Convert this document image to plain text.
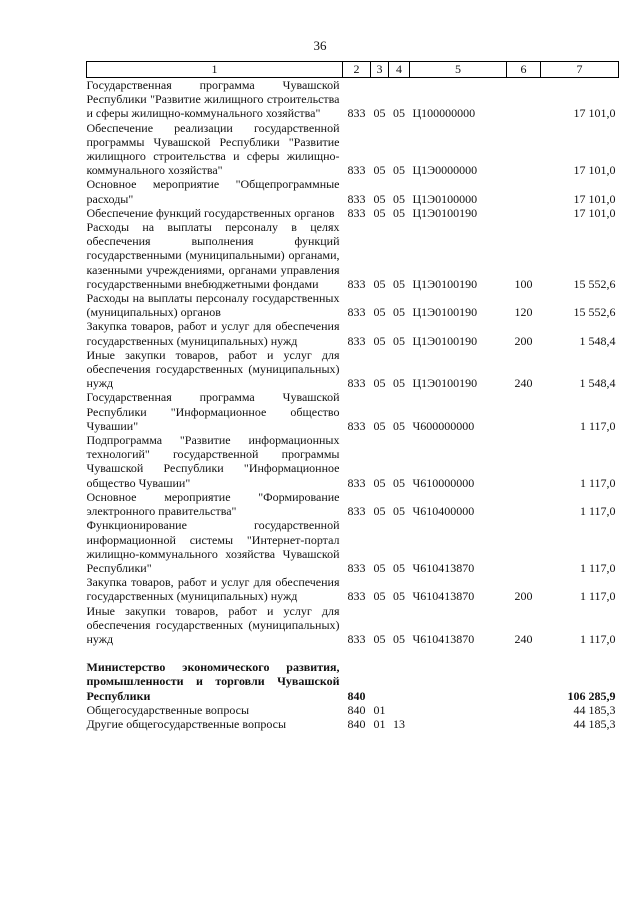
36
1	2	3	4	5	6	7
Государственная программа Чувашской Республики "Развитие жилищного строительства и сферы жилищно-коммунального хозяйства"	833	05	05	Ц100000000		17 101,0
Обеспечение реализации государственной программы Чувашской Республики "Развитие жилищного строительства и сферы жилищно-коммунального хозяйства"	833	05	05	Ц1Э0000000		17 101,0
Основное мероприятие "Общепрограммные расходы"	833	05	05	Ц1Э0100000		17 101,0
Обеспечение функций государственных органов	833	05	05	Ц1Э0100190		17 101,0
Расходы на выплаты персоналу в целях обеспечения выполнения функций государственными (муниципальными) органами, казенными учреждениями, органами управления государственными внебюджетными фондами	833	05	05	Ц1Э0100190	100	15 552,6
Расходы на выплаты персоналу государственных (муниципальных) органов	833	05	05	Ц1Э0100190	120	15 552,6
Закупка товаров, работ и услуг для обеспечения государственных (муниципальных) нужд	833	05	05	Ц1Э0100190	200	1 548,4
Иные закупки товаров, работ и услуг для обеспечения государственных (муниципальных) нужд	833	05	05	Ц1Э0100190	240	1 548,4
Государственная программа Чувашской Республики "Информационное общество Чувашии"	833	05	05	Ч600000000		1 117,0
Подпрограмма "Развитие информационных технологий" государственной программы Чувашской Республики "Информационное общество Чувашии"	833	05	05	Ч610000000		1 117,0
Основное мероприятие "Формирование электронного правительства"	833	05	05	Ч610400000		1 117,0
Функционирование государственной информационной системы "Интернет-портал жилищно-коммунального хозяйства Чувашской Республики"	833	05	05	Ч610413870		1 117,0
Закупка товаров, работ и услуг для обеспечения государственных (муниципальных) нужд	833	05	05	Ч610413870	200	1 117,0
Иные закупки товаров, работ и услуг для обеспечения государственных (муниципальных) нужд	833	05	05	Ч610413870	240	1 117,0

Министерство экономического развития, промышленности и торговли Чувашской Республики	840					106 285,9
Общегосударственные вопросы	840	01				44 185,3
Другие общегосударственные вопросы	840	01	13			44 185,3
